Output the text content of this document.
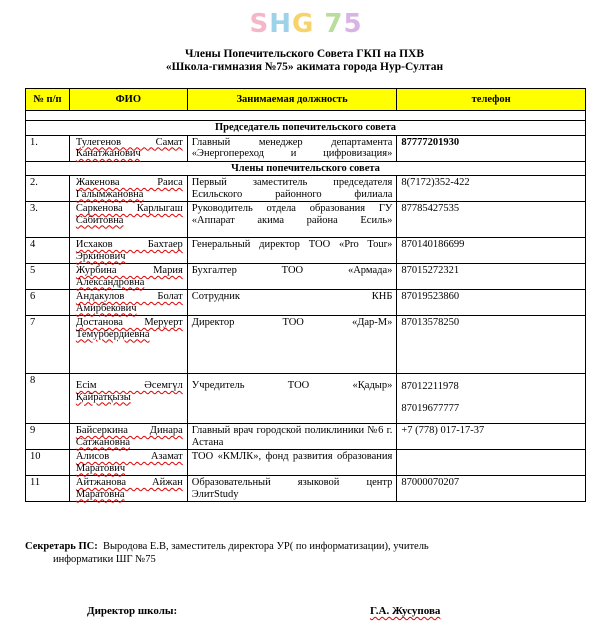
SHG 75
Члены Попечительского Совета ГКП на ПХВ
«Школа-гимназия №75» акимата города Нур-Султан
№ п/п	ФИО	Занимаемая должность	телефон

Председатель попечительского совета			
1.	Тулегенов Самат Канатжанович	Главный менеджер департамента «Энергопереход и цифровизация»	87777201930
Члены попечительского совета			
2.	Жакенова Раиса Галымжановна	Первый заместитель председателя Есильского районного филиала	8(7172)352-422

3.	Саркенова Карлыгаш Сабитовна	Руководитель отдела образования ГУ «Аппарат акима района Есиль»	87785427535

4	Исхаков Бахтаер Эркинович	Генеральный директор ТОО «Pro Tour»	870140186699

5	Журбина Мария Александровна	Бухгалтер ТОО «Армада»	87015272321

6	Андакулов Болат Амирбекович	Сотрудник КНБ	87019523860

7	Достанова Меруерт Темурбердиевна	Директор ТОО «Дар-М»	87013578250

8	Есім Әсемгүл Қайратқызы	Учредитель ТОО «Қадыр»	87012211978
87019677777

9	Байсеркина Динара Сатжановна	Главный врач городской поликлиники №6 г. Астана	+7 (778) 017-17-37

10	Алисов Азамат Маратович	ТОО «КМЛК», фонд развития образования	

11	Айтжанова Айжан Маратовна	Образовательный языковой центр ЭлитStudy	87000070207
Секретарь ПС: Выродова Е.В, заместитель директора УР( по информатизации), учитель
информатики ШГ №75
Директор школы:	Г.А. Жусупова
